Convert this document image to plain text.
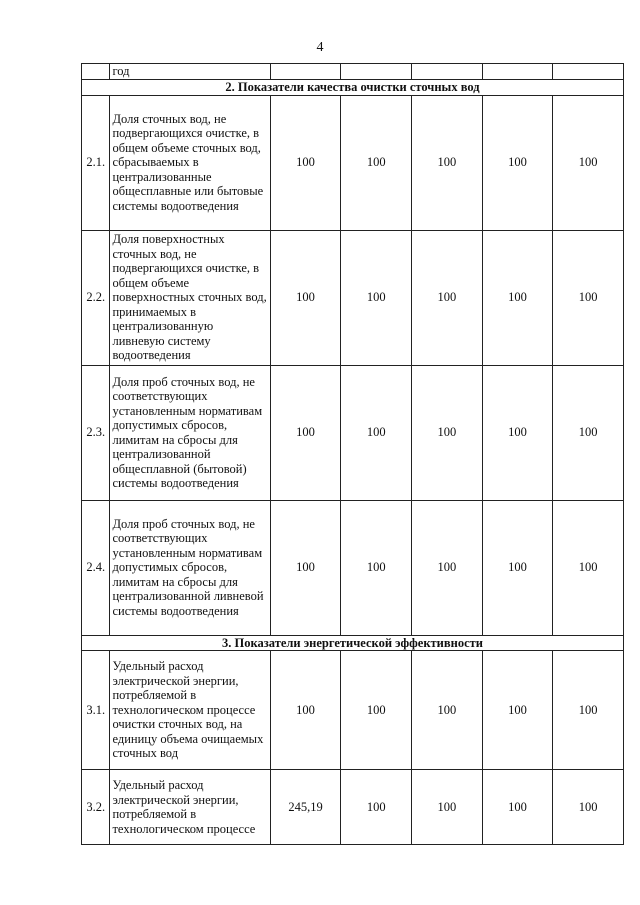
4
	год					
2. Показатели качества очистки сточных вод						
2.1.	Доля сточных вод, не подвергающихся очистке, в общем объеме сточных вод, сбрасываемых в централизованные общесплавные или бытовые системы водоотведения	100	100	100	100	100
2.2.	Доля поверхностных сточных вод, не подвергающихся очистке, в общем объеме поверхностных сточных вод, принимаемых в централизованную ливневую систему водоотведения	100	100	100	100	100
2.3.	Доля проб сточных вод, не соответствующих установленным нормативам допустимых сбросов, лимитам на сбросы для централизованной общесплавной (бытовой) системы водоотведения	100	100	100	100	100
2.4.	Доля проб сточных вод, не соответствующих установленным нормативам допустимых сбросов, лимитам на сбросы для централизованной ливневой системы водоотведения	100	100	100	100	100
3. Показатели энергетической эффективности						
3.1.	Удельный расход электрической энергии, потребляемой в технологическом процессе очистки сточных вод, на единицу объема очищаемых сточных вод	100	100	100	100	100
3.2.	Удельный расход электрической энергии, потребляемой в технологическом процессе	245,19	100	100	100	100
